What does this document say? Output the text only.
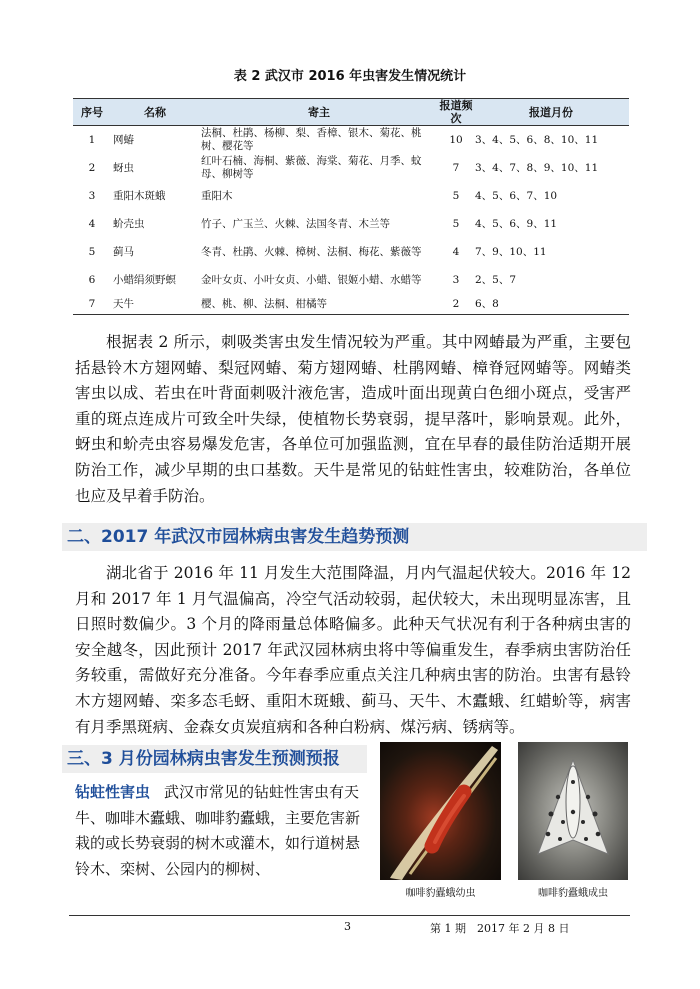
表 2 武汉市 2016 年虫害发生情况统计
序号	名称	寄主	报道频次	报道月份
1	网蝽	法桐、杜鹃、杨柳、梨、香樟、银木、菊花、桃树、樱花等	10	3、4、5、6、8、10、11
2	蚜虫	红叶石楠、海桐、紫薇、海棠、菊花、月季、蚊母、柳树等	7	3、4、7、8、9、10、11
3	重阳木斑蛾	重阳木	5	4、5、6、7、10
4	蚧壳虫	竹子、广玉兰、火棘、法国冬青、木兰等	5	4、5、6、9、11
5	蓟马	冬青、杜鹃、火棘、樟树、法桐、梅花、紫薇等	4	7、9、10、11
6	小蜡绢须野螟	金叶女贞、小叶女贞、小蜡、银姬小蜡、水蜡等	3	2、5、7
7	天牛	樱、桃、柳、法桐、柑橘等	2	6、8

根据表 2 所示，刺吸类害虫发生情况较为严重。其中网蝽最为严重，主要包括悬铃木方翅网蝽、梨冠网蝽、菊方翅网蝽、杜鹃网蝽、樟脊冠网蝽等。网蝽类害虫以成、若虫在叶背面刺吸汁液危害，造成叶面出现黄白色细小斑点，受害严重的斑点连成片可致全叶失绿，使植物长势衰弱，提早落叶，影响景观。此外，蚜虫和蚧壳虫容易爆发危害，各单位可加强监测，宜在早春的最佳防治适期开展防治工作，减少早期的虫口基数。天牛是常见的钻蛀性害虫，较难防治，各单位也应及早着手防治。

二、2017 年武汉市园林病虫害发生趋势预测

湖北省于 2016 年 11 月发生大范围降温，月内气温起伏较大。2016 年 12 月和 2017 年 1 月气温偏高，冷空气活动较弱，起伏较大，未出现明显冻害，且日照时数偏少。3 个月的降雨量总体略偏多。此种天气状况有利于各种病虫害的安全越冬，因此预计 2017 年武汉园林病虫将中等偏重发生，春季病虫害防治任务较重，需做好充分准备。今年春季应重点关注几种病虫害的防治。虫害有悬铃木方翅网蝽、栾多态毛蚜、重阳木斑蛾、蓟马、天牛、木蠹蛾、红蜡蚧等，病害有月季黑斑病、金森女贞炭疽病和各种白粉病、煤污病、锈病等。

三、3 月份园林病虫害发生预测预报

钻蛀性害虫 武汉市常见的钻蛀性害虫有天牛、咖啡木蠹蛾、咖啡豹蠹蛾，主要危害新栽的或长势衰弱的树木或灌木，如行道树悬铃木、栾树、公园内的柳树、

咖啡豹蠹蛾幼虫	咖啡豹蠹蛾成虫
3	第 1 期　2017 年 2 月 8 日
